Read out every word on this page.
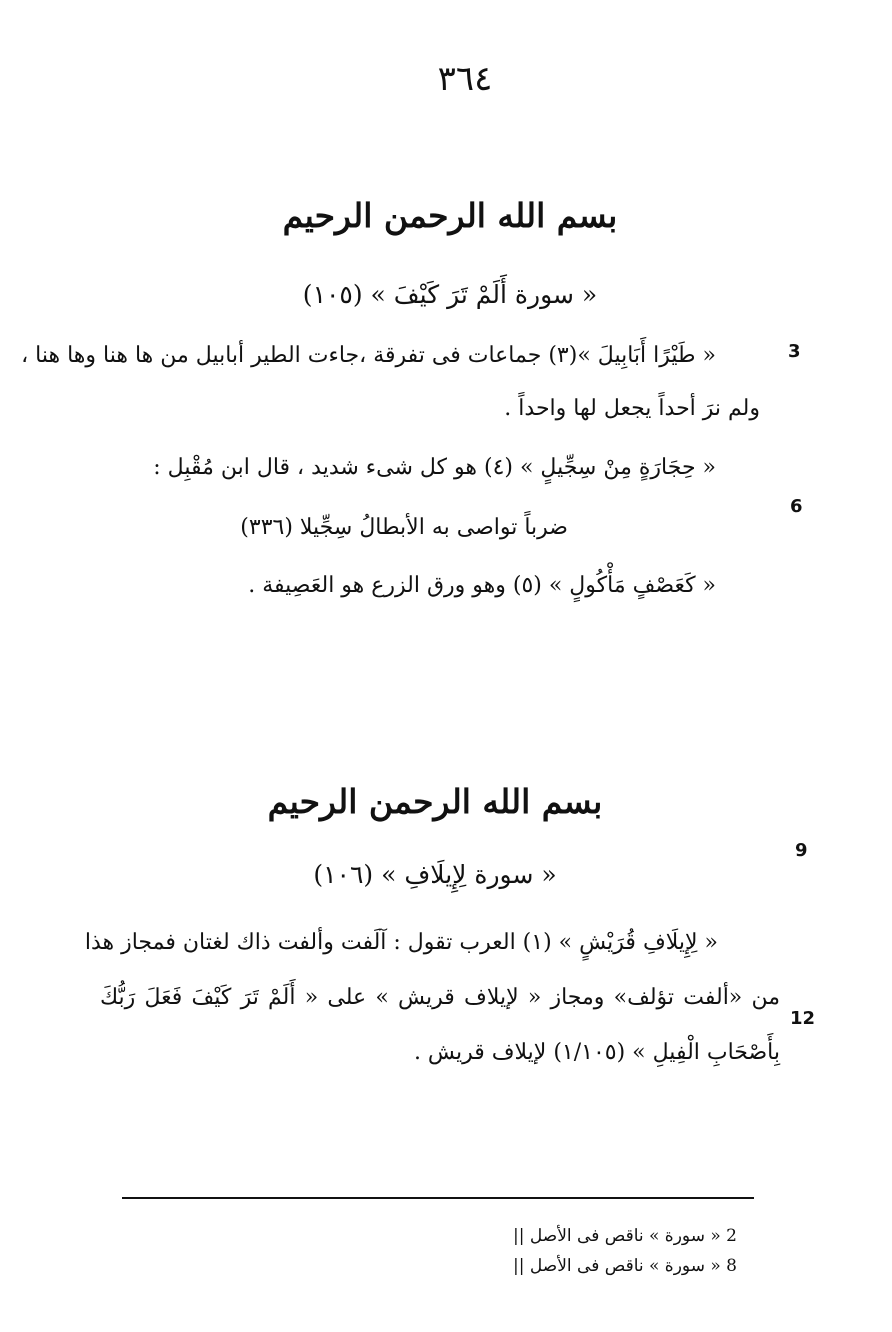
٣٦٤
بسم الله الرحمن الرحيم
« سورة أَلَمْ تَرَ كَيْفَ » (١٠٥)
« طَيْرًا أَبَابِيلَ »(٣) جماعات فى تفرقة ،جاءت الطير أبابيل من ها هنا وها هنا ،
ولم نرَ أحداً يجعل لها واحداً .
« حِجَارَةٍ مِنْ سِجِّيلٍ » (٤) هو كل شىء شديد ، قال ابن مُقْبِل :
ضرباً تواصى به الأبطالُ سِجِّيلا (٣٣٦)
« كَعَصْفٍ مَأْكُولٍ » (٥) وهو ورق الزرع هو العَصِيفة .
بسم الله الرحمن الرحيم
« سورة لِإِيلَافِ » (١٠٦)
« لِإِيلَافِ قُرَيْشٍ » (١) العرب تقول : آلَفت وألفت ذاك لغتان فمجاز هذا
من «ألفت تؤلف» ومجاز « لإيلاف قريش » على « أَلَمْ تَرَ كَيْفَ فَعَلَ رَبُّكَ
بِأَصْحَابِ الْفِيلِ » (١/١٠٥) لإيلاف قريش .
3
6
9
12
2 « سورة » ناقص فى الأصل ||
8 « سورة » ناقص فى الأصل ||
